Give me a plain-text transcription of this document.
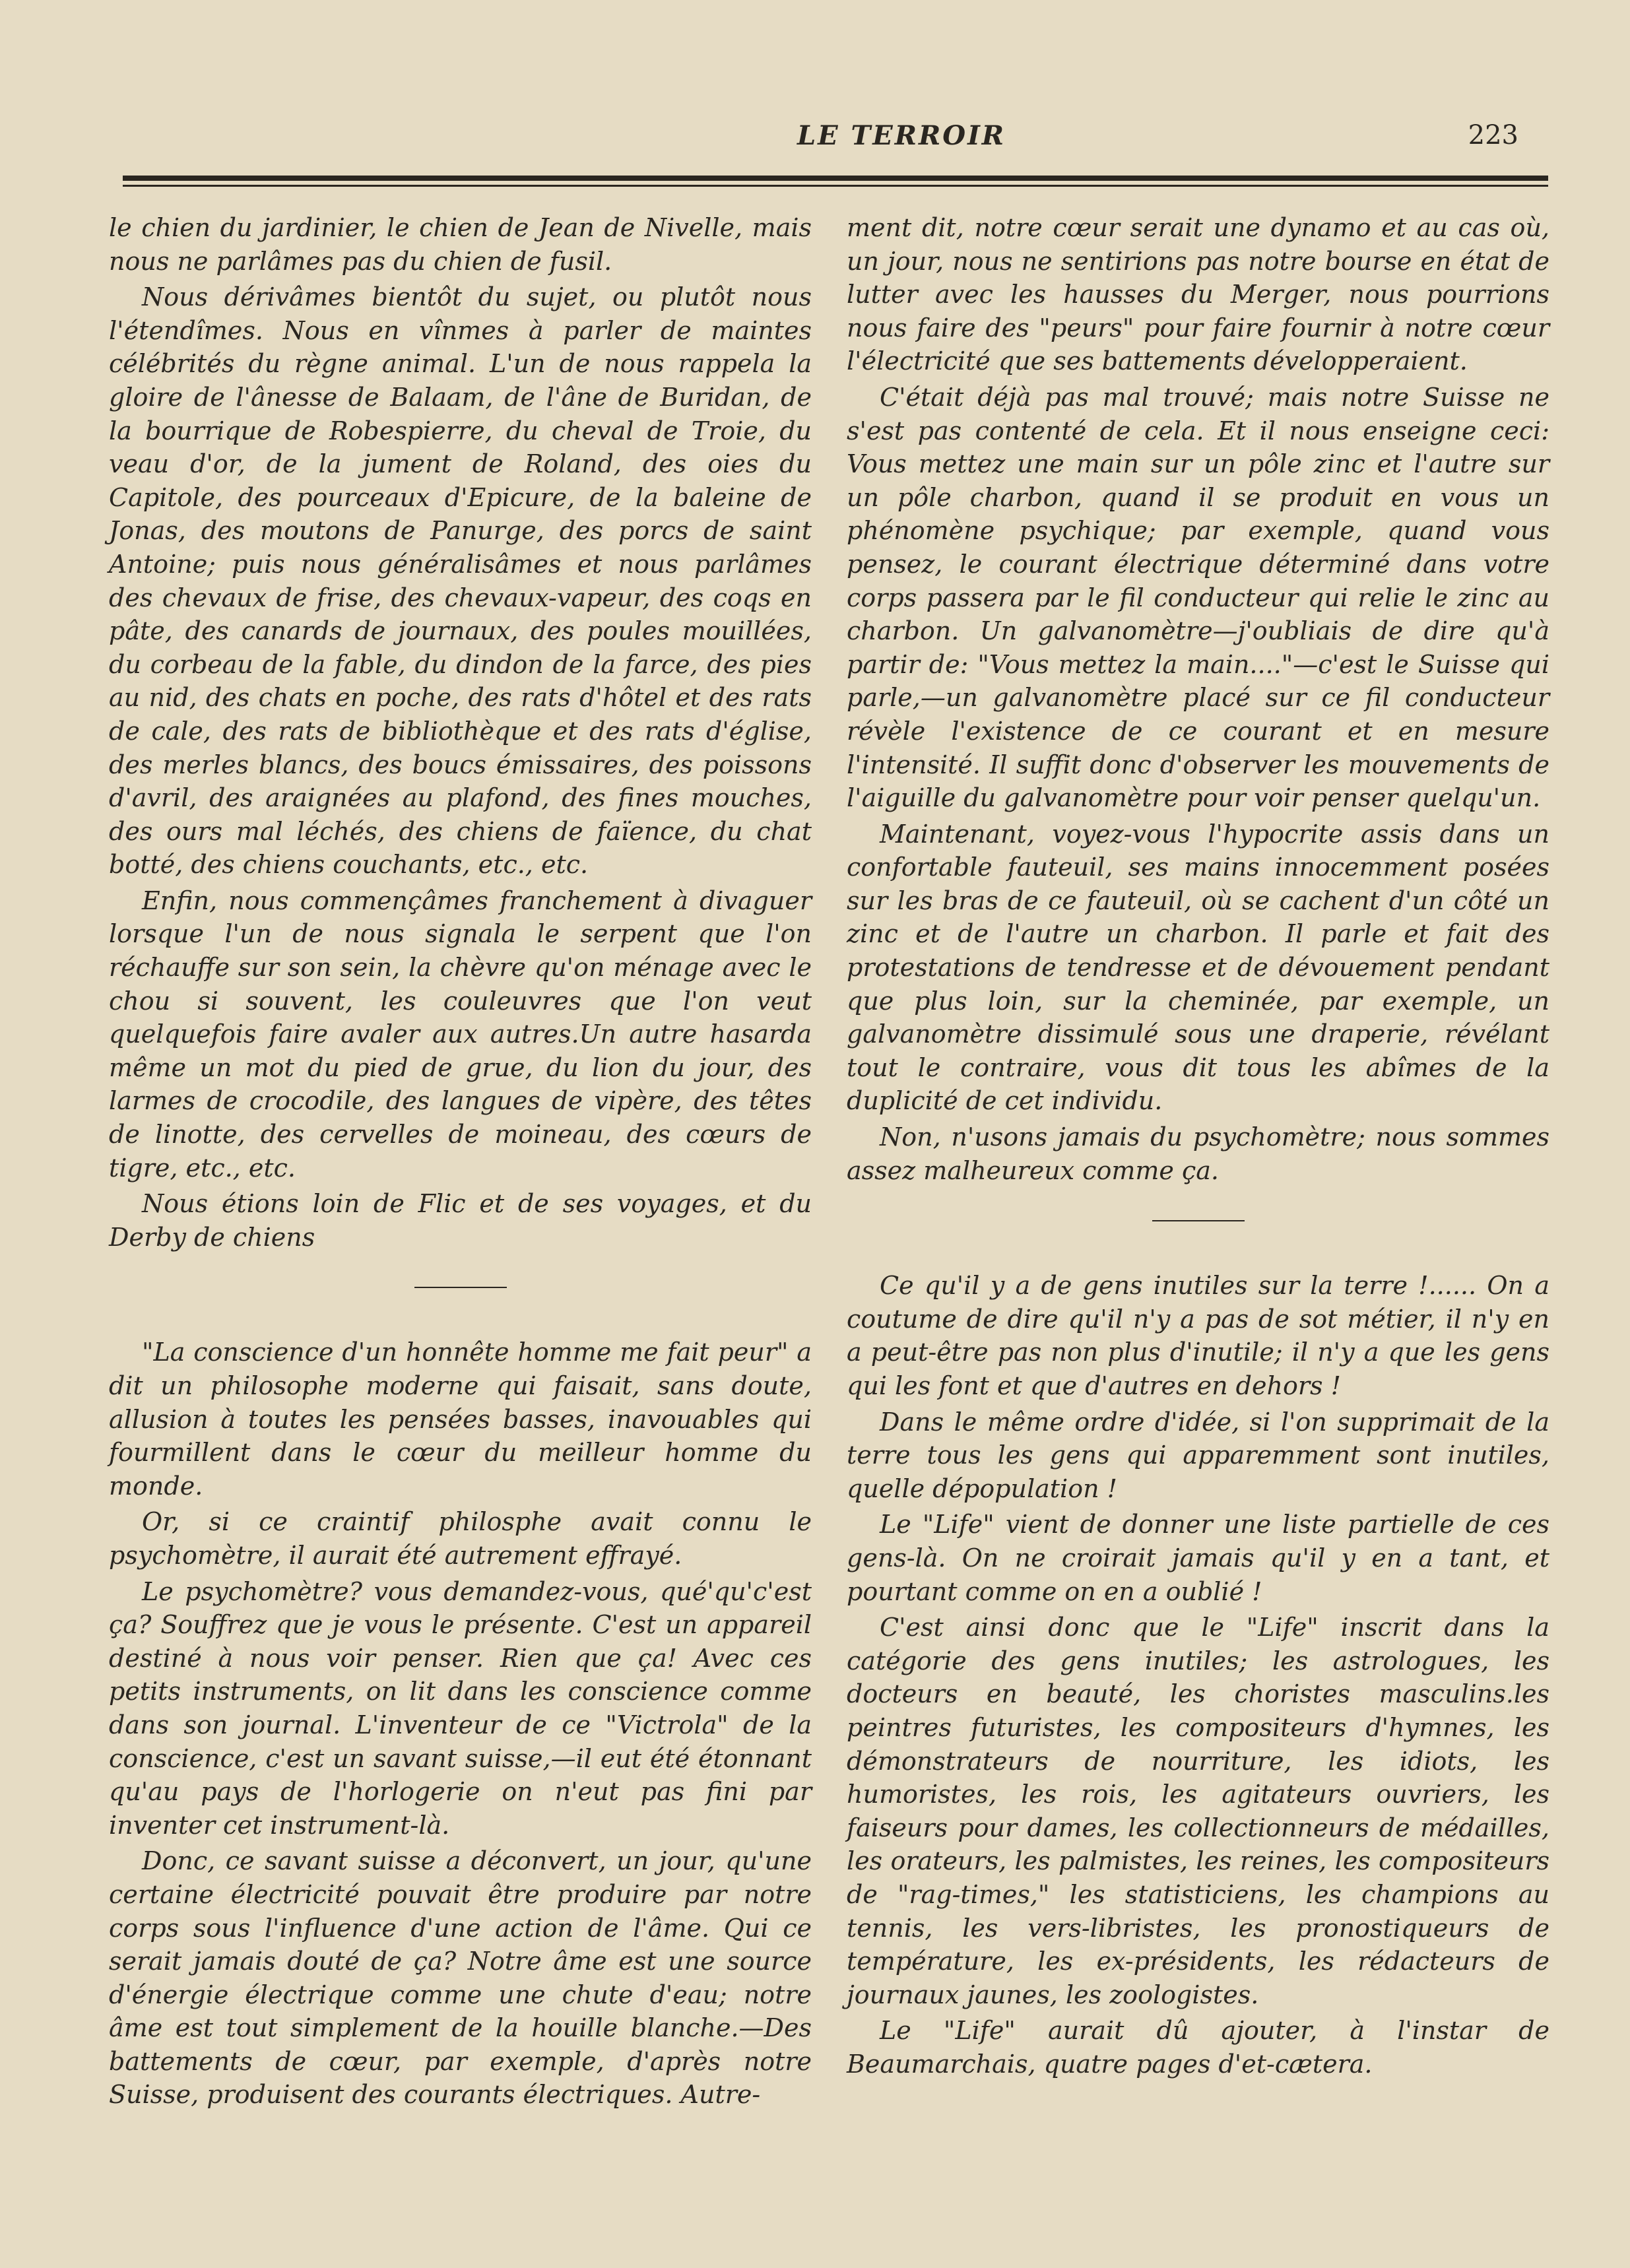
LE TERROIR	223

le chien du jardinier, le chien de Jean de Nivelle, mais nous ne parlâmes pas du chien de fusil.

Nous dérivâmes bientôt du sujet, ou plutôt nous l'étendîmes. Nous en vînmes à parler de maintes célébrités du règne animal. L'un de nous rappela la gloire de l'ânesse de Balaam, de l'âne de Buridan, de la bourrique de Robespierre, du cheval de Troie, du veau d'or, de la jument de Roland, des oies du Capitole, des pourceaux d'Epicure, de la baleine de Jonas, des moutons de Panurge, des porcs de saint Antoine; puis nous généralisâmes et nous parlâmes des chevaux de frise, des chevaux-vapeur, des coqs en pâte, des canards de journaux, des poules mouillées, du corbeau de la fable, du dindon de la farce, des pies au nid, des chats en poche, des rats d'hôtel et des rats de cale, des rats de bibliothèque et des rats d'église, des merles blancs, des boucs émissaires, des poissons d'avril, des araignées au plafond, des fines mouches, des ours mal léchés, des chiens de faïence, du chat botté, des chiens couchants, etc., etc.

Enfin, nous commençâmes franchement à divaguer lorsque l'un de nous signala le serpent que l'on réchauffe sur son sein, la chèvre qu'on ménage avec le chou si souvent, les couleuvres que l'on veut quelquefois faire avaler aux autres.Un autre hasarda même un mot du pied de grue, du lion du jour, des larmes de crocodile, des langues de vipère, des têtes de linotte, des cervelles de moineau, des cœurs de tigre, etc., etc.

Nous étions loin de Flic et de ses voyages, et du Derby de chiens

"La conscience d'un honnête homme me fait peur" a dit un philosophe moderne qui faisait, sans doute, allusion à toutes les pensées basses, inavouables qui fourmillent dans le cœur du meilleur homme du monde.

Or, si ce craintif philosphe avait connu le psychomètre, il aurait été autrement effrayé.

Le psychomètre? vous demandez-vous, qué'qu'c'est ça? Souffrez que je vous le présente. C'est un appareil destiné à nous voir penser. Rien que ça! Avec ces petits instruments, on lit dans les conscience comme dans son journal. L'inventeur de ce "Victrola" de la conscience, c'est un savant suisse,—il eut été étonnant qu'au pays de l'horlogerie on n'eut pas fini par inventer cet instrument-là.

Donc, ce savant suisse a déconvert, un jour, qu'une certaine électricité pouvait être produire par notre corps sous l'influence d'une action de l'âme. Qui ce serait jamais douté de ça? Notre âme est une source d'énergie électrique comme une chute d'eau; notre âme est tout simplement de la houille blanche.—Des battements de cœur, par exemple, d'après notre Suisse, produisent des courants électriques. Autre-

ment dit, notre cœur serait une dynamo et au cas où, un jour, nous ne sentirions pas notre bourse en état de lutter avec les hausses du Merger, nous pourrions nous faire des "peurs" pour faire fournir à notre cœur l'électricité que ses battements développeraient.

C'était déjà pas mal trouvé; mais notre Suisse ne s'est pas contenté de cela. Et il nous enseigne ceci: Vous mettez une main sur un pôle zinc et l'autre sur un pôle charbon, quand il se produit en vous un phénomène psychique; par exemple, quand vous pensez, le courant électrique déterminé dans votre corps passera par le fil conducteur qui relie le zinc au charbon. Un galvanomètre—j'oubliais de dire qu'à partir de: "Vous mettez la main...."—c'est le Suisse qui parle,—un galvanomètre placé sur ce fil conducteur révèle l'existence de ce courant et en mesure l'intensité. Il suffit donc d'observer les mouvements de l'aiguille du galvanomètre pour voir penser quelqu'un.

Maintenant, voyez-vous l'hypocrite assis dans un confortable fauteuil, ses mains innocemment posées sur les bras de ce fauteuil, où se cachent d'un côté un zinc et de l'autre un charbon. Il parle et fait des protestations de tendresse et de dévouement pendant que plus loin, sur la cheminée, par exemple, un galvanomètre dissimulé sous une draperie, révélant tout le contraire, vous dit tous les abîmes de la duplicité de cet individu.

Non, n'usons jamais du psychomètre; nous sommes assez malheureux comme ça.

Ce qu'il y a de gens inutiles sur la terre !...... On a coutume de dire qu'il n'y a pas de sot métier, il n'y en a peut-être pas non plus d'inutile; il n'y a que les gens qui les font et que d'autres en dehors !

Dans le même ordre d'idée, si l'on supprimait de la terre tous les gens qui apparemment sont inutiles, quelle dépopulation !

Le "Life" vient de donner une liste partielle de ces gens-là. On ne croirait jamais qu'il y en a tant, et pourtant comme on en a oublié !

C'est ainsi donc que le "Life" inscrit dans la catégorie des gens inutiles; les astrologues, les docteurs en beauté, les choristes masculins.les peintres futuristes, les compositeurs d'hymnes, les démonstrateurs de nourriture, les idiots, les humoristes, les rois, les agitateurs ouvriers, les faiseurs pour dames, les collectionneurs de médailles, les orateurs, les palmistes, les reines, les compositeurs de "rag-times," les statisticiens, les champions au tennis, les vers-libristes, les pronostiqueurs de température, les ex-présidents, les rédacteurs de journaux jaunes, les zoologistes.

Le "Life" aurait dû ajouter, à l'instar de Beaumarchais, quatre pages d'et-cætera.
